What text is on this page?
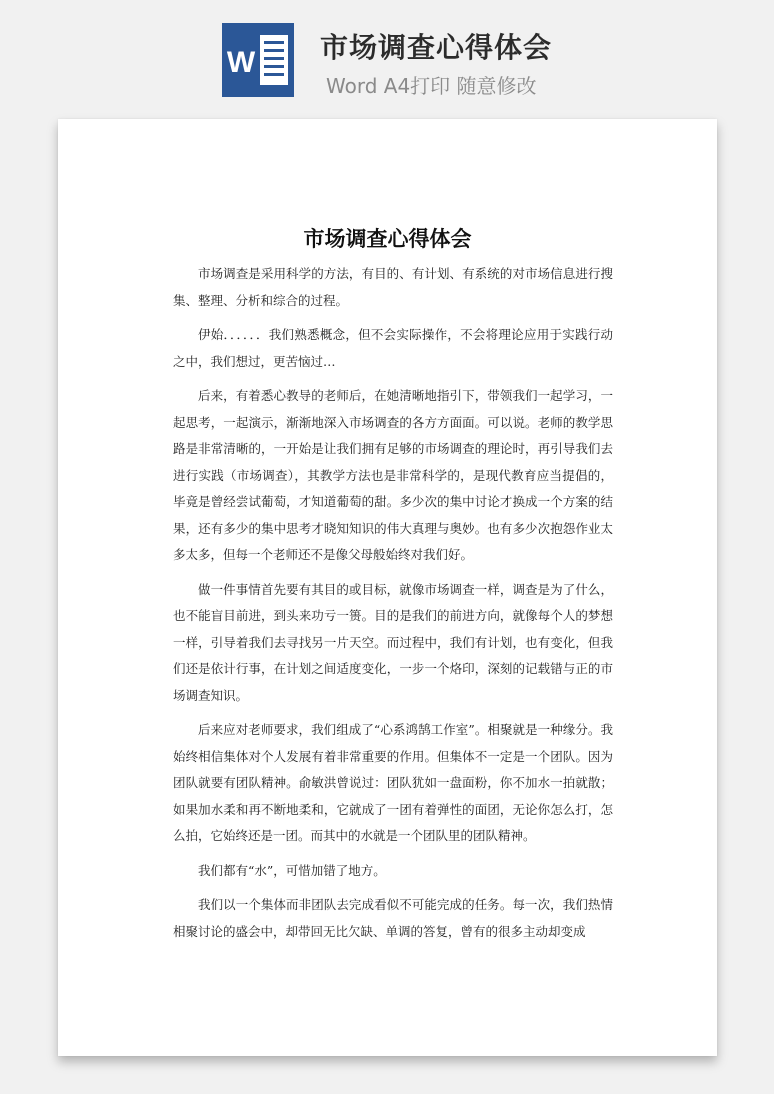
W 市场调查心得体会
Word A4打印 随意修改
市场调查心得体会

市场调查是采用科学的方法，有目的、有计划、有系统的对市场信息进行搜集、整理、分析和综合的过程。

伊始．．．．．．我们熟悉概念，但不会实际操作，不会将理论应用于实践行动之中，我们想过，更苦恼过…

后来，有着悉心教导的老师后，在她清晰地指引下，带领我们一起学习，一起思考，一起演示，渐渐地深入市场调查的各方方面面。可以说。老师的教学思路是非常清晰的，一开始是让我们拥有足够的市场调查的理论时，再引导我们去进行实践（市场调查），其教学方法也是非常科学的，是现代教育应当提倡的，毕竟是曾经尝试葡萄，才知道葡萄的甜。多少次的集中讨论才换成一个方案的结果，还有多少的集中思考才晓知知识的伟大真理与奥妙。也有多少次抱怨作业太多太多，但每一个老师还不是像父母般始终对我们好。

做一件事情首先要有其目的或目标，就像市场调查一样，调查是为了什么，也不能盲目前进，到头来功亏一篑。目的是我们的前进方向，就像每个人的梦想一样，引导着我们去寻找另一片天空。而过程中，我们有计划，也有变化，但我们还是依计行事，在计划之间适度变化，一步一个烙印，深刻的记载错与正的市场调查知识。

后来应对老师要求，我们组成了“心系鸿鹄工作室”。相聚就是一种缘分。我始终相信集体对个人发展有着非常重要的作用。但集体不一定是一个团队。因为团队就要有团队精神。俞敏洪曾说过：团队犹如一盘面粉，你不加水一拍就散；如果加水柔和再不断地柔和，它就成了一团有着弹性的面团，无论你怎么打，怎么拍，它始终还是一团。而其中的水就是一个团队里的团队精神。

我们都有“水”，可惜加错了地方。

我们以一个集体而非团队去完成看似不可能完成的任务。每一次，我们热情相聚讨论的盛会中，却带回无比欠缺、单调的答复，曾有的很多主动却变成
